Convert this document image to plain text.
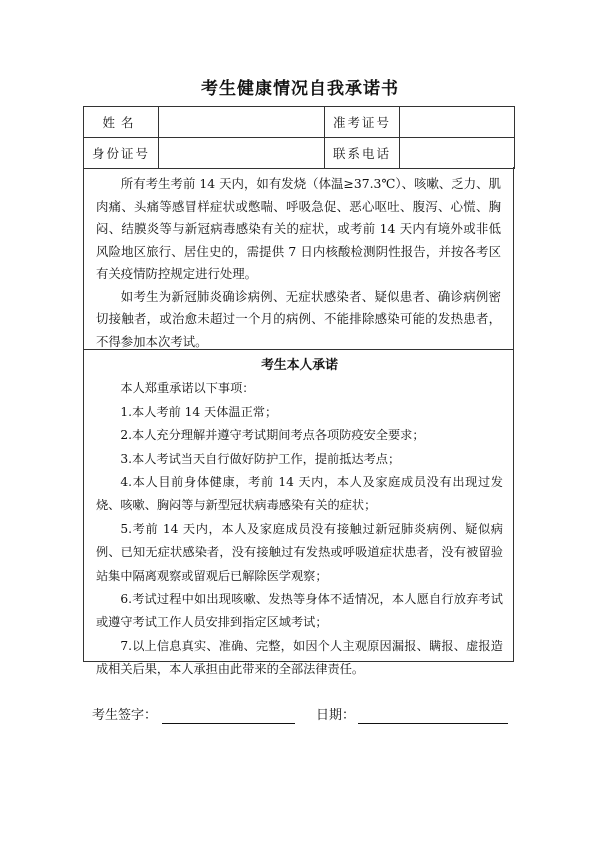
考生健康情况自我承诺书
姓名		准考证号	
身份证号		联系电话	

所有考生考前 14 天内，如有发烧（体温≥37.3℃）、咳嗽、乏力、肌肉痛、头痛等感冒样症状或憋喘、呼吸急促、恶心呕吐、腹泻、心慌、胸闷、结膜炎等与新冠病毒感染有关的症状，或考前 14 天内有境外或非低风险地区旅行、居住史的，需提供 7 日内核酸检测阴性报告，并按各考区有关疫情防控规定进行处理。

如考生为新冠肺炎确诊病例、无症状感染者、疑似患者、确诊病例密切接触者，或治愈未超过一个月的病例、不能排除感染可能的发热患者，不得参加本次考试。

考生本人承诺

本人郑重承诺以下事项：

1.本人考前 14 天体温正常；

2.本人充分理解并遵守考试期间考点各项防疫安全要求；

3.本人考试当天自行做好防护工作，提前抵达考点；

4.本人目前身体健康，考前 14 天内，本人及家庭成员没有出现过发烧、咳嗽、胸闷等与新型冠状病毒感染有关的症状；

5.考前 14 天内，本人及家庭成员没有接触过新冠肺炎病例、疑似病例、已知无症状感染者，没有接触过有发热或呼吸道症状患者，没有被留验站集中隔离观察或留观后已解除医学观察；

6.考试过程中如出现咳嗽、发热等身体不适情况，本人愿自行放弃考试或遵守考试工作人员安排到指定区域考试；

7.以上信息真实、准确、完整，如因个人主观原因漏报、瞒报、虚报造成相关后果，本人承担由此带来的全部法律责任。

考生签字：	日期：
